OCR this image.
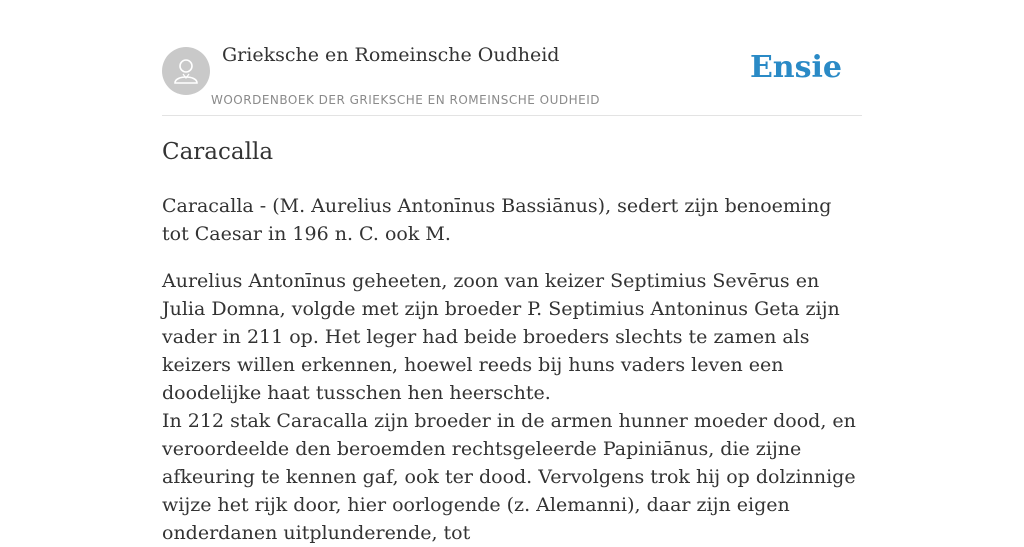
Grieksche en Romeinsche Oudheid
WOORDENBOEK DER GRIEKSCHE EN ROMEINSCHE OUDHEID
Ensie
Caracalla

Caracalla - (M. Aurelius Antonīnus Bassiānus), sedert zijn benoeming tot Caesar in 196 n. C. ook M.

Aurelius Antonīnus geheeten, zoon van keizer Septimius Sevērus en Julia Domna, volgde met zijn broeder P. Septimius Antoninus Geta zijn vader in 211 op. Het leger had beide broeders slechts te zamen als keizers willen erkennen, hoewel reeds bij huns vaders leven een doodelijke haat tusschen hen heerschte.

In 212 stak Caracalla zijn broeder in de armen hunner moeder dood, en veroordeelde den beroemden rechtsgeleerde Papiniānus, die zijne afkeuring te kennen gaf, ook ter dood. Vervolgens trok hij op dolzinnige wijze het rijk door, hier oorlogende (z. Alemanni), daar zijn eigen onderdanen uitplunderende, tot
